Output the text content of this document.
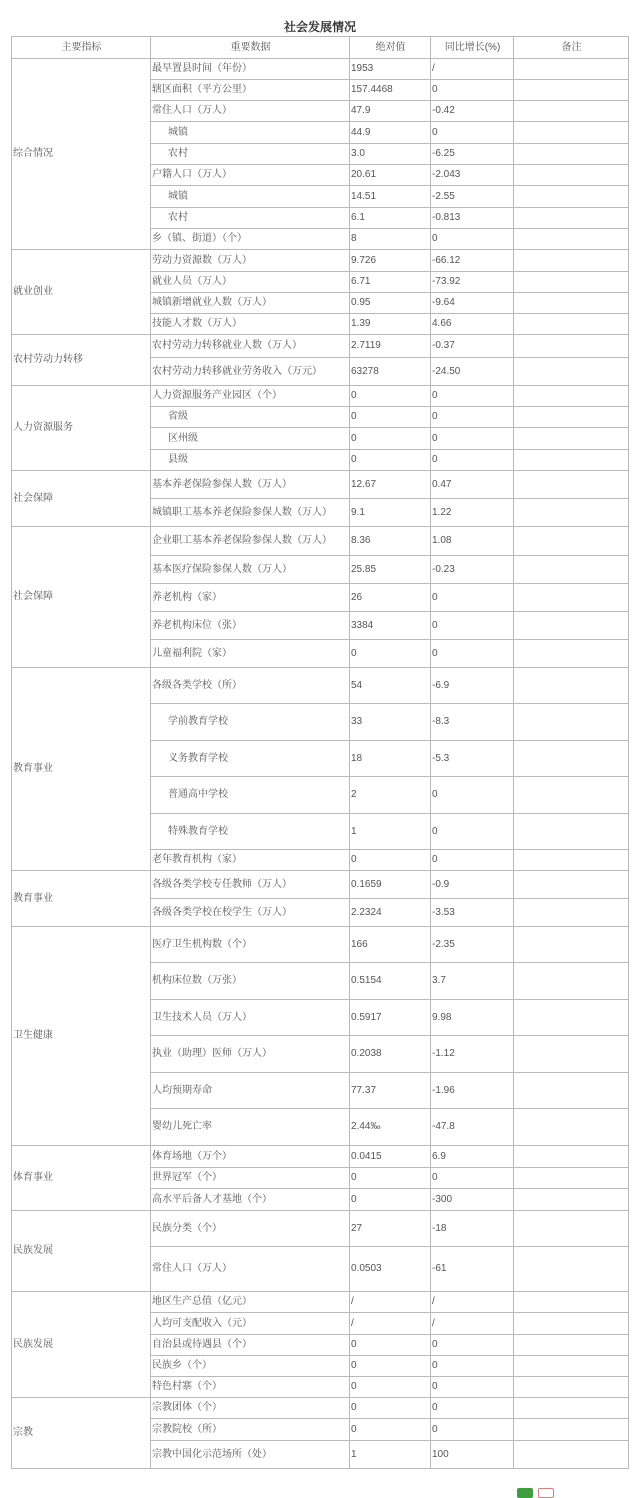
社会发展情况
主要指标	重要数据	绝对值	同比增长(%)	备注
综合情况	最早置县时间（年份）	1953	/	
	辖区面积（平方公里）	157.4468	0	
	常住人口（万人）	47.9	-0.42	
	城镇	44.9	0	
	农村	3.0	-6.25	
	户籍人口（万人）	20.61	-2.043	
	城镇	14.51	-2.55	
	农村	6.1	-0.813	
	乡（镇、街道）（个）	8	0	
就业创业	劳动力资源数（万人）	9.726	-66.12	
	就业人员（万人）	6.71	-73.92	
	城镇新增就业人数（万人）	0.95	-9.64	
	技能人才数（万人）	1.39	4.66	
农村劳动力转移	农村劳动力转移就业人数（万人）	2.7119	-0.37	
	农村劳动力转移就业劳务收入（万元）	63278	-24.50	
人力资源服务	人力资源服务产业园区（个）	0	0	
	省级	0	0	
	区州级	0	0	
	县级	0	0	
社会保障	基本养老保险参保人数（万人）	12.67	0.47	
	城镇职工基本养老保险参保人数（万人）	9.1	1.22	
社会保障	企业职工基本养老保险参保人数（万人）	8.36	1.08	
	基本医疗保险参保人数（万人）	25.85	-0.23	
	养老机构（家）	26	0	
	养老机构床位（张）	3384	0	
	儿童福利院（家）	0	0	
教育事业	各级各类学校（所）	54	-6.9	
	学前教育学校	33	-8.3	
	义务教育学校	18	-5.3	
	普通高中学校	2	0	
	特殊教育学校	1	0	
	老年教育机构（家）	0	0	
教育事业	各级各类学校专任教师（万人）	0.1659	-0.9	
	各级各类学校在校学生（万人）	2.2324	-3.53	
卫生健康	医疗卫生机构数（个）	166	-2.35	
	机构床位数（万张）	0.5154	3.7	
	卫生技术人员（万人）	0.5917	9.98	
	执业（助理）医师（万人）	0.2038	-1.12	
	人均预期寿命	77.37	-1.96	
	婴幼儿死亡率	2.44‰	-47.8	
体育事业	体育场地（万个）	0.0415	6.9	
	世界冠军（个）	0	0	
	高水平后备人才基地（个）	0	-300	
民族发展	民族分类（个）	27	-18	
	常住人口（万人）	0.0503	-61	
民族发展	地区生产总值（亿元）	/	/	
	人均可支配收入（元）	/	/	
	自治县或待遇县（个）	0	0	
	民族乡（个）	0	0	
	特色村寨（个）	0	0	
宗教	宗教团体（个）	0	0	
	宗教院校（所）	0	0	
	宗教中国化示范场所（处）	1	100	
